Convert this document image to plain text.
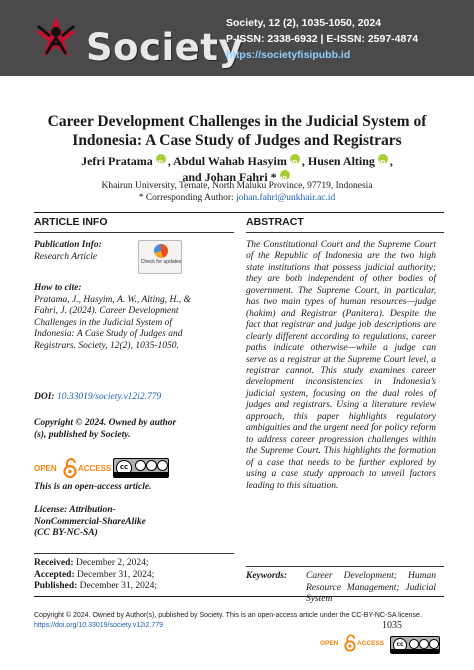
Society
Society, 12 (2), 1035-1050, 2024
P-ISSN: 2338-6932 | E-ISSN: 2597-4874
https://societyfisipubb.id
Career Development Challenges in the Judicial System of Indonesia: A Case Study of Judges and Registrars
Jefri Pratama iD , Abdul Wahab Hasyim iD , Husen Alting iD ,
and Johan Fahri *iD
Khairun University, Ternate, North Maluku Province, 97719, Indonesia
* Corresponding Author: johan.fahri@unkhair.ac.id
ARTICLE INFO	ABSTRACT
Publication Info:
Research Article
Check for updates
How to cite:
Pratama, J., Hasyim, A. W., Alting, H., & Fahri, J. (2024). Career Development Challenges in the Judicial System of Indonesia: A Case Study of Judges and Registrars. Society, 12(2), 1035-1050.
DOI: 10.33019/society.v12i2.779
Copyright © 2024. Owned by author (s), published by Society.
OPEN	ACCESS	cc
This is an open-access article.
License: Attribution-NonCommercial-ShareAlike (CC BY-NC-SA)
Received: December 2, 2024;
Accepted: December 31, 2024;
Published: December 31, 2024;
The Constitutional Court and the Supreme Court of the Republic of Indonesia are the two high state institutions that possess judicial authority; they are both independent of other bodies of government. The Supreme Court, in particular, has two main types of human resources—judge (hakim) and Registrar (Panitera). Despite the fact that registrar and judge job descriptions are clearly different according to regulations, career paths indicate otherwise—while a judge can serve as a registrar at the Supreme Court level, a registrar cannot. This study examines career development inconsistencies in Indonesia’s judicial system, focusing on the dual roles of judges and registrars. Using a literature review approach, this paper highlights regulatory ambiguities and the urgent need for policy reform to address career progression challenges within the Supreme Court. This highlights the formation of a case that needs to be further explored by using a case study approach to unveil factors leading to this situation.
Keywords: Career Development; Human Resource Management; Judicial System
Copyright © 2024. Owned by Author(s), published by Society. This is an open-access article under the CC-BY-NC-SA license.
https://doi.org/10.33019/society.v12i2.779	1035
OPEN	ACCESS	cc
